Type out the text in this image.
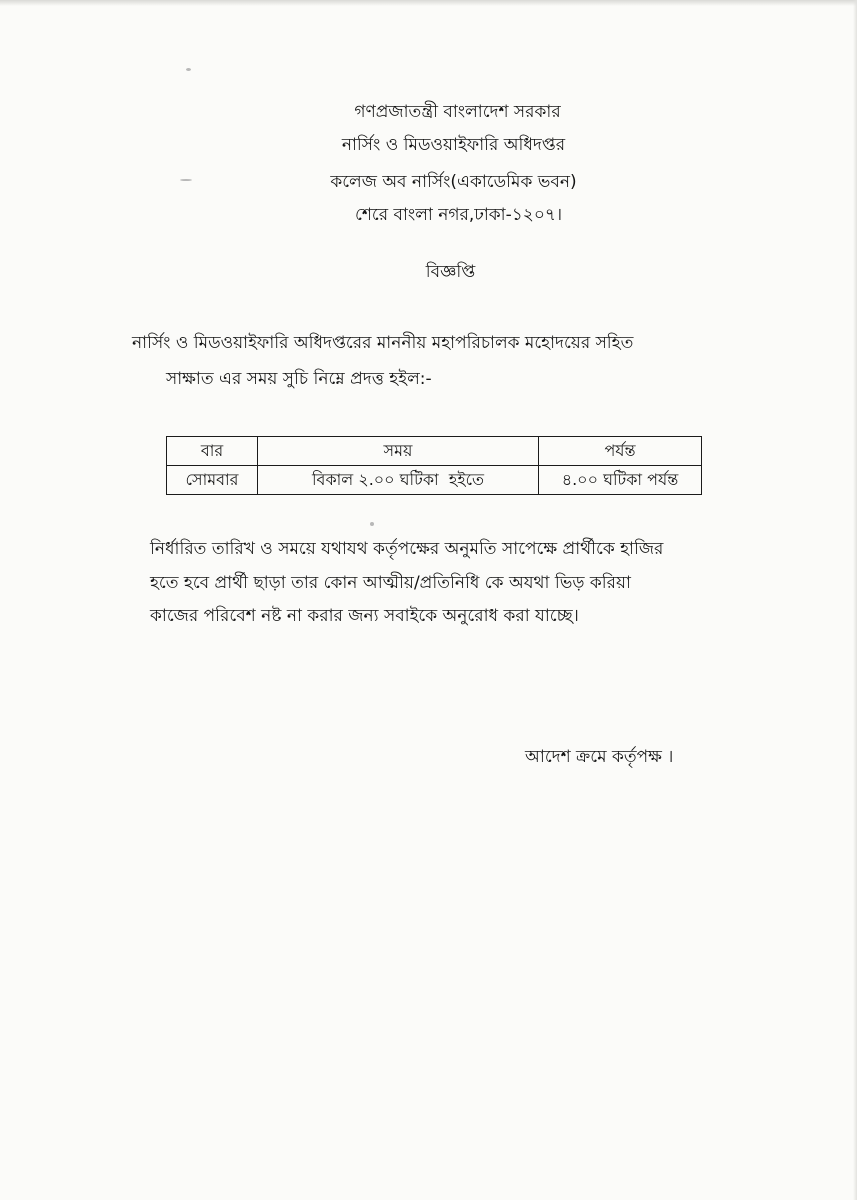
গণপ্রজাতন্ত্রী বাংলাদেশ সরকার
নার্সিং ও মিডওয়াইফারি অধিদপ্তর
কলেজ অব নার্সিং(একাডেমিক ভবন)
শেরে বাংলা নগর,ঢাকা-১২০৭।
বিজ্ঞপ্তি
নার্সিং ও মিডওয়াইফারি অধিদপ্তরের মাননীয় মহাপরিচালক মহোদয়ের সহিত
সাক্ষাত এর সময় সুচি নিম্নে প্রদত্ত হইল:-
বার	সময়	পর্যন্ত
সোমবার	বিকাল ২.০০ ঘটিকা  হইতে	৪.০০ ঘটিকা পর্যন্ত
নির্ধারিত তারিখ ও সময়ে যথাযথ কর্তৃপক্ষের অনুমতি সাপেক্ষে প্রার্থীকে হাজির
হতে হবে প্রার্থী ছাড়া তার কোন আত্মীয়/প্রতিনিধি কে অযথা ভিড় করিয়া
কাজের পরিবেশ নষ্ট না করার জন্য সবাইকে অনুরোধ করা যাচ্ছে।
আদেশ ক্রমে কর্তৃপক্ষ ।
